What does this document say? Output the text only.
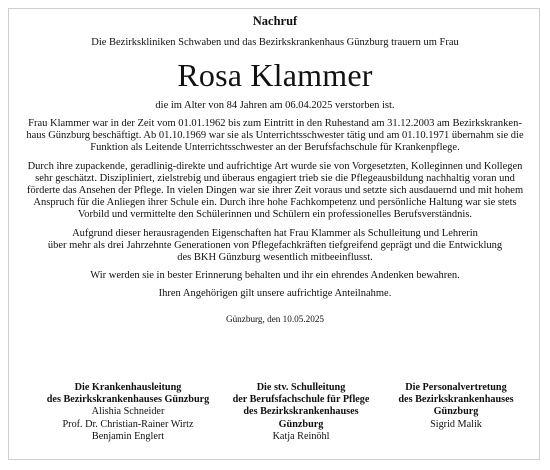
Nachruf
Die Bezirkskliniken Schwaben und das Bezirkskrankenhaus Günzburg trauern um Frau
Rosa Klammer
die im Alter von 84 Jahren am 06.04.2025 verstorben ist.
Frau Klammer war in der Zeit vom 01.01.1962 bis zum Eintritt in den Ruhestand am 31.12.2003 am Bezirkskranken-
haus Günzburg beschäftigt. Ab 01.10.1969 war sie als Unterrichtsschwester tätig und am 01.10.1971 übernahm sie die
Funktion als Leitende Unterrichtsschwester an der Berufsfachschule für Krankenpflege.
Durch ihre zupackende, geradlinig-direkte und aufrichtige Art wurde sie von Vorgesetzten, Kolleginnen und Kollegen
sehr geschätzt. Diszipliniert, zielstrebig und überaus engagiert trieb sie die Pflegeausbildung nachhaltig voran und
förderte das Ansehen der Pflege. In vielen Dingen war sie ihrer Zeit voraus und setzte sich ausdauernd und mit hohem
Anspruch für die Anliegen ihrer Schule ein. Durch ihre hohe Fachkompetenz und persönliche Haltung war sie stets
Vorbild und vermittelte den Schülerinnen und Schülern ein professionelles Berufsverständnis.
Aufgrund dieser herausragenden Eigenschaften hat Frau Klammer als Schulleitung und Lehrerin
über mehr als drei Jahrzehnte Generationen von Pflegefachkräften tiefgreifend geprägt und die Entwicklung
des BKH Günzburg wesentlich mitbeeinflusst.
Wir werden sie in bester Erinnerung behalten und ihr ein ehrendes Andenken bewahren.
Ihren Angehörigen gilt unsere aufrichtige Anteilnahme.
Günzburg, den 10.05.2025
Die Krankenhausleitung
des Bezirkskrankenhauses Günzburg
Alishia Schneider
Prof. Dr. Christian-Rainer Wirtz
Benjamin Englert
Die stv. Schulleitung
der Berufsfachschule für Pflege
des Bezirkskrankenhauses
Günzburg
Katja Reinöhl
Die Personalvertretung
des Bezirkskrankenhauses
Günzburg
Sigrid Malik
